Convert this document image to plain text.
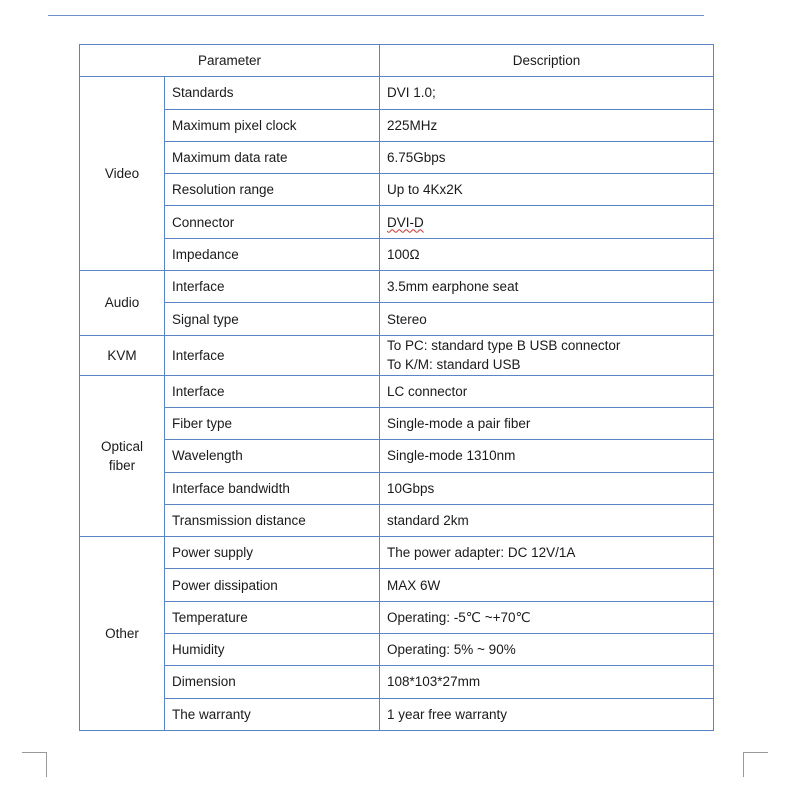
Parameter		Description
Video	Standards	DVI 1.0;
	Maximum pixel clock	225MHz
	Maximum data rate	6.75Gbps
	Resolution range	Up to 4Kx2K
	Connector	DVI-D
	Impedance	100Ω
Audio	Interface	3.5mm earphone seat
	Signal type	Stereo
KVM	Interface	To PC: standard type B USB connector
To K/M: standard USB

Optical
fiber	Interface	LC connector
	Fiber type	Single-mode a pair fiber
	Wavelength	Single-mode 1310nm
	Interface bandwidth	10Gbps
	Transmission distance	standard 2km
Other	Power supply	The power adapter: DC 12V/1A
	Power dissipation	MAX 6W
	Temperature	Operating: -5℃ ~+70℃
	Humidity	Operating: 5% ~ 90%
	Dimension	108*103*27mm
	The warranty	1 year free warranty
